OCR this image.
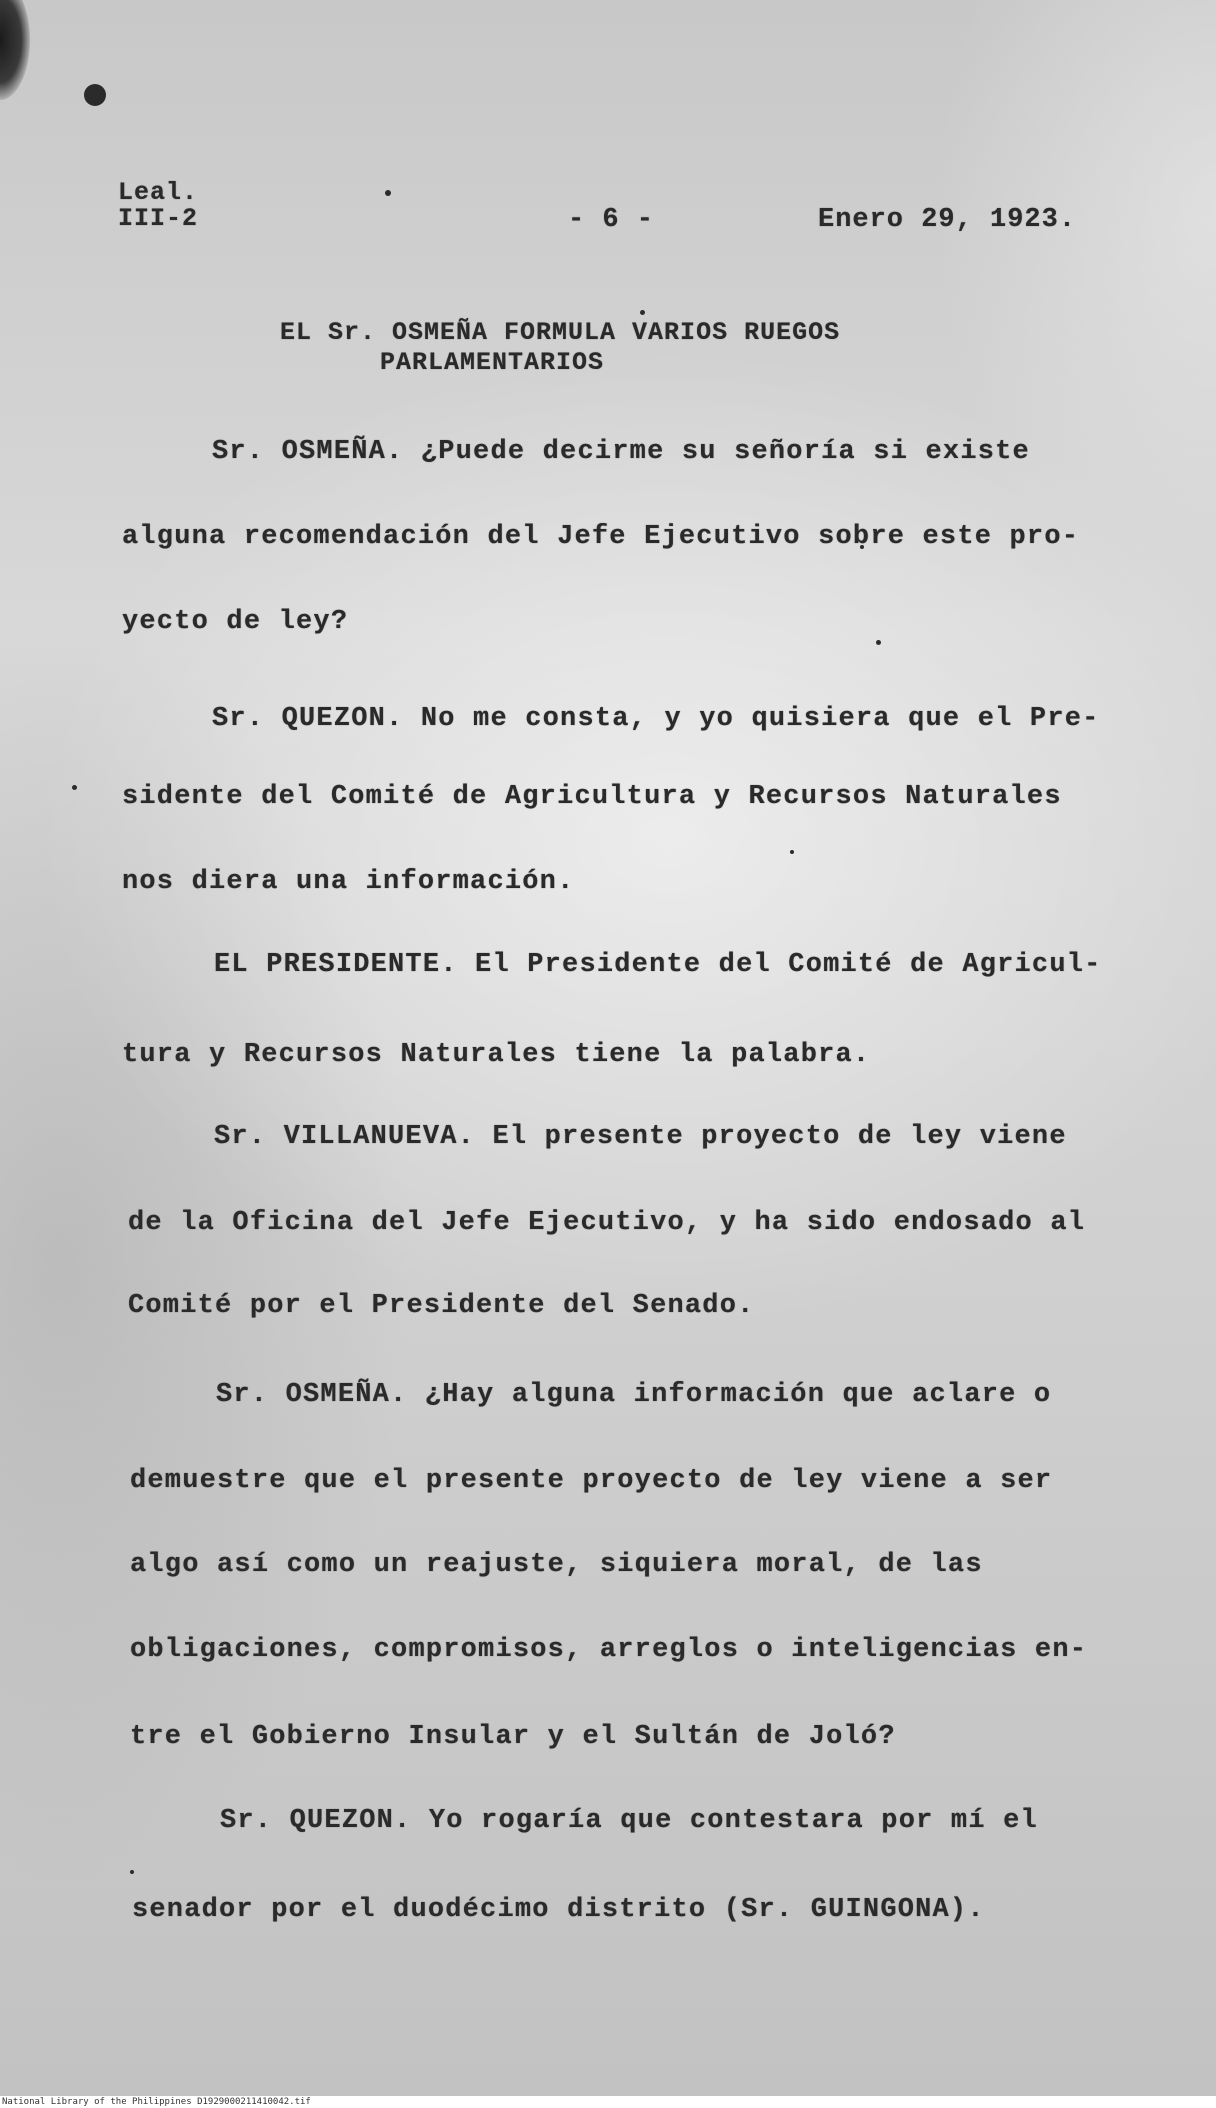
Leal.
III-2	- 6 -	Enero 29, 1923.
EL Sr. OSMEÑA FORMULA VARIOS RUEGOS
PARLAMENTARIOS
Sr. OSMEÑA. ¿Puede decirme su señoría si existe
alguna recomendación del Jefe Ejecutivo sobre este pro-
yecto de ley?
Sr. QUEZON. No me consta, y yo quisiera que el Pre-
sidente del Comité de Agricultura y Recursos Naturales
nos diera una información.
EL PRESIDENTE. El Presidente del Comité de Agricul-
tura y Recursos Naturales tiene la palabra.
Sr. VILLANUEVA. El presente proyecto de ley viene
de la Oficina del Jefe Ejecutivo, y ha sido endosado al
Comité por el Presidente del Senado.
Sr. OSMEÑA. ¿Hay alguna información que aclare o
demuestre que el presente proyecto de ley viene a ser
algo así como un reajuste, siquiera moral, de las
obligaciones, compromisos, arreglos o inteligencias en-
tre el Gobierno Insular y el Sultán de Joló?
Sr. QUEZON. Yo rogaría que contestara por mí el
senador por el duodécimo distrito (Sr. GUINGONA).
National Library of the Philippines D1929000211410042.tif
